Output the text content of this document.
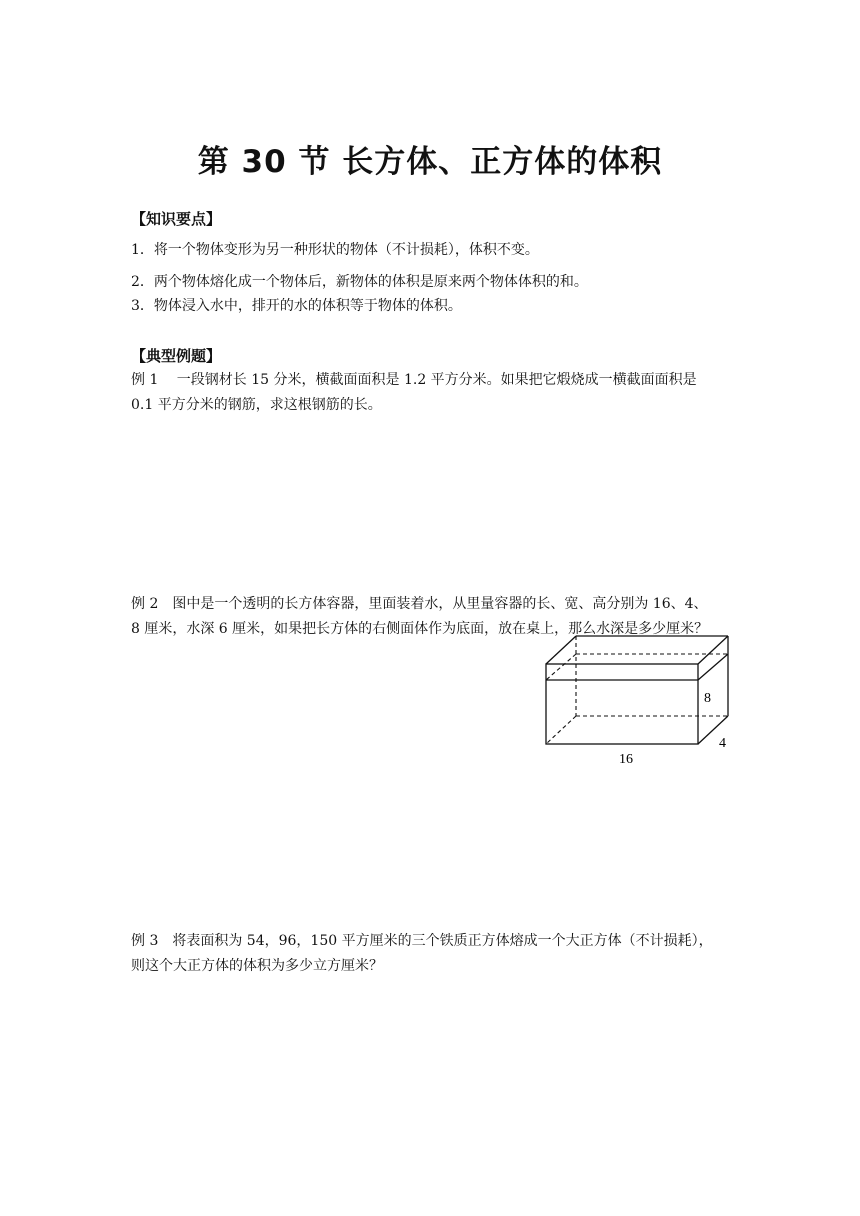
第 30 节 长方体、正方体的体积
【知识要点】
1．将一个物体变形为另一种形状的物体（不计损耗），体积不变。
2．两个物体熔化成一个物体后，新物体的体积是原来两个物体体积的和。
3．物体浸入水中，排开的水的体积等于物体的体积。
【典型例题】
例 1　 一段钢材长 15 分米，横截面面积是 1.2 平方分米。如果把它煅烧成一横截面面积是
0.1 平方分米的钢筋，求这根钢筋的长。
例 2　图中是一个透明的长方体容器，里面装着水，从里量容器的长、宽、高分别为 16、4、
8 厘米，水深 6 厘米，如果把长方体的右侧面体作为底面，放在桌上，那么水深是多少厘米？
8
4
16
例 3　将表面积为 54，96，150 平方厘米的三个铁质正方体熔成一个大正方体（不计损耗），
则这个大正方体的体积为多少立方厘米？
